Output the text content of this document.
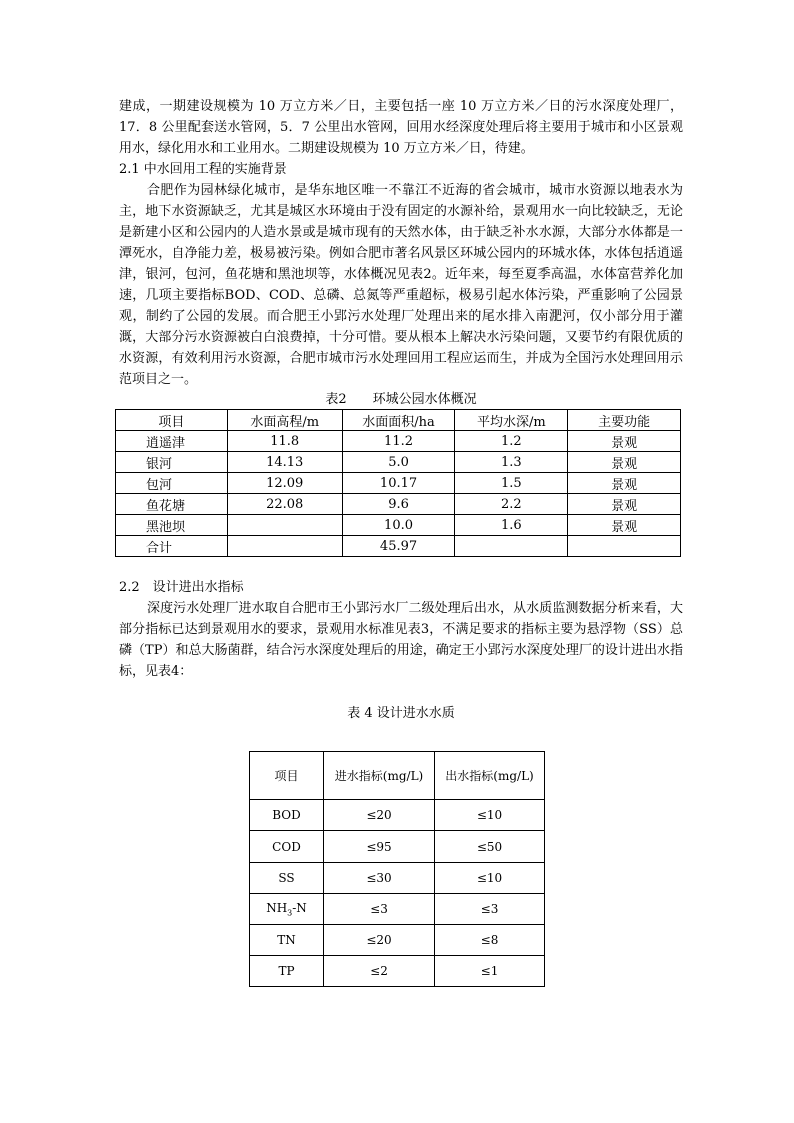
建成，一期建设规模为 10 万立方米／日，主要包括一座 10 万立方米／日的污水深度处理厂，17．8 公里配套送水管网，5．7 公里出水管网，回用水经深度处理后将主要用于城市和小区景观用水，绿化用水和工业用水。二期建设规模为 10 万立方米／日，待建。

2.1 中水回用工程的实施背景

合肥作为园林绿化城市，是华东地区唯一不靠江不近海的省会城市，城市水资源以地表水为主，地下水资源缺乏，尤其是城区水环境由于没有固定的水源补给，景观用水一向比较缺乏，无论是新建小区和公园内的人造水景或是城市现有的天然水体，由于缺乏补水水源，大部分水体都是一潭死水，自净能力差，极易被污染。例如合肥市著名风景区环城公园内的环城水体，水体包括逍遥津，银河，包河，鱼花塘和黑池坝等，水体概况见表2。近年来，每至夏季高温，水体富营养化加速，几项主要指标BOD、COD、总磷、总氮等严重超标，极易引起水体污染，严重影响了公园景观，制约了公园的发展。而合肥王小郢污水处理厂处理出来的尾水排入南淝河，仅小部分用于灌溉，大部分污水资源被白白浪费掉，十分可惜。要从根本上解决水污染问题，又要节约有限优质的水资源，有效利用污水资源，合肥市城市污水处理回用工程应运而生，并成为全国污水处理回用示范项目之一。

表2　　环城公园水体概况
项目	水面高程/m	水面面积/ha	平均水深/m	主要功能
逍遥津	11.8	11.2	1.2	景观
银河	14.13	5.0	1.3	景观
包河	12.09	10.17	1.5	景观
鱼花塘	22.08	9.6	2.2	景观
黑池坝		10.0	1.6	景观
合计		45.97		

2.2　设计进出水指标

深度污水处理厂进水取自合肥市王小郢污水厂二级处理后出水，从水质监测数据分析来看，大部分指标已达到景观用水的要求，景观用水标准见表3，不满足要求的指标主要为悬浮物（SS）总磷（TP）和总大肠菌群，结合污水深度处理后的用途，确定王小郢污水深度处理厂的设计进出水指标，见表4：

表 4 设计进水水质
项目	进水指标(mg/L)	出水指标(mg/L)
BOD	≤20	≤10
COD	≤95	≤50
SS	≤30	≤10
$NH_3-N$	≤3	≤3
TN	≤20	≤8
TP	≤2	≤1
